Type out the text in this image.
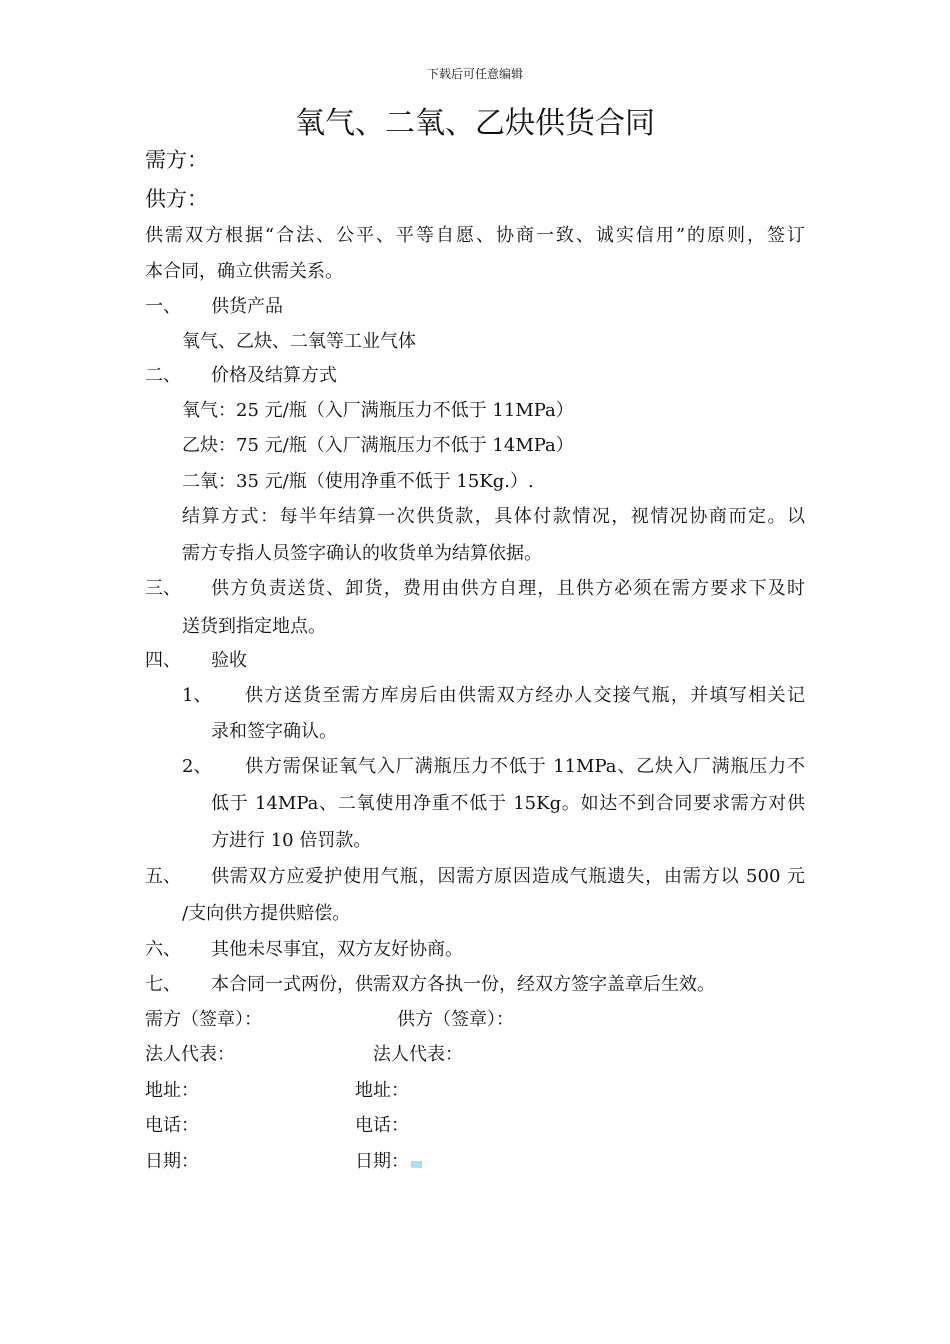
下载后可任意编辑
氧气、二氧、乙炔供货合同
需方：
供方：
供需双方根据“合法、公平、平等自愿、协商一致、诚实信用”的原则，签订
本合同，确立供需关系。
一、 供货产品
氧气、乙炔、二氧等工业气体
二、 价格及结算方式
氧气：25 元/瓶（入厂满瓶压力不低于 11MPa）
乙炔：75 元/瓶（入厂满瓶压力不低于 14MPa）
二氧：35 元/瓶（使用净重不低于 15Kg.）.
结算方式：每半年结算一次供货款，具体付款情况，视情况协商而定。以
需方专指人员签字确认的收货单为结算依据。
三、 供方负责送货、卸货，费用由供方自理，且供方必须在需方要求下及时
送货到指定地点。
四、 验收
1、 供方送货至需方库房后由供需双方经办人交接气瓶，并填写相关记
录和签字确认。
2、 供方需保证氧气入厂满瓶压力不低于 11MPa、乙炔入厂满瓶压力不
低于 14MPa、二氧使用净重不低于 15Kg。如达不到合同要求需方对供
方进行 10 倍罚款。
五、 供需双方应爱护使用气瓶，因需方原因造成气瓶遗失，由需方以 500 元
/支向供方提供赔偿。
六、 其他未尽事宜，双方友好协商。
七、 本合同一式两份，供需双方各执一份，经双方签字盖章后生效。
需方（签章）：	供方（签章）：
法人代表：	法人代表：
地址：	地址：
电话：	电话：
日期：	日期：
